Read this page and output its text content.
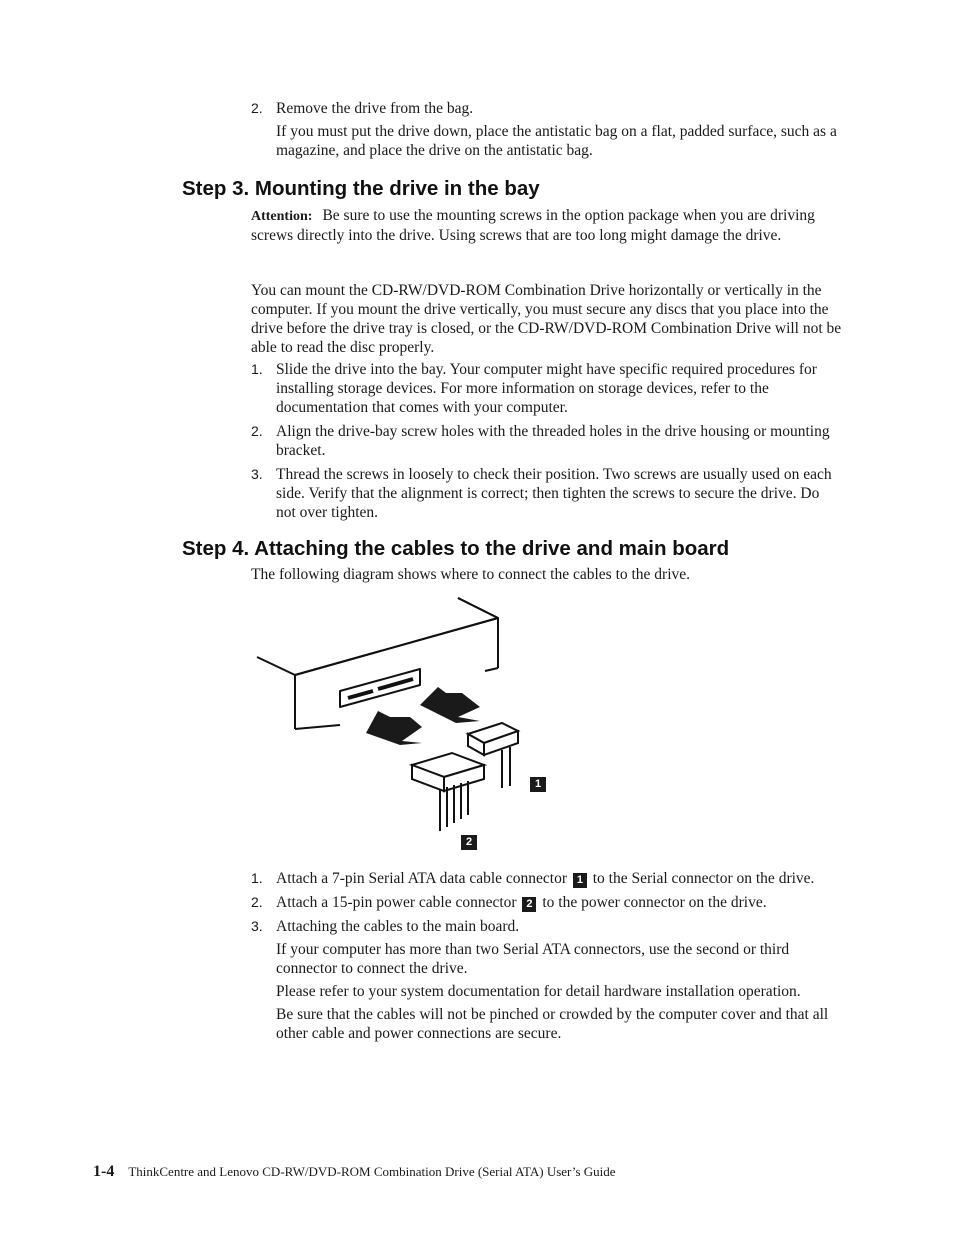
2. Remove the drive from the bag.

If you must put the drive down, place the antistatic bag on a flat, padded surface, such as a magazine, and place the drive on the antistatic bag.

Step 3. Mounting the drive in the bay
Attention: Be sure to use the mounting screws in the option package when you are driving screws directly into the drive. Using screws that are too long might damage the drive.
You can mount the CD-RW/DVD-ROM Combination Drive horizontally or vertically in the computer. If you mount the drive vertically, you must secure any discs that you place into the drive before the drive tray is closed, or the CD-RW/DVD-ROM Combination Drive will not be able to read the disc properly.
1. Slide the drive into the bay. Your computer might have specific required procedures for installing storage devices. For more information on storage devices, refer to the documentation that comes with your computer.

2. Align the drive-bay screw holes with the threaded holes in the drive housing or mounting bracket.

3. Thread the screws in loosely to check their position. Two screws are usually used on each side. Verify that the alignment is correct; then tighten the screws to secure the drive. Do not over tighten.

Step 4. Attaching the cables to the drive and main board
The following diagram shows where to connect the cables to the drive.
1
2
1. Attach a 7-pin Serial ATA data cable connector 1 to the Serial connector on the drive.

2. Attach a 15-pin power cable connector 2 to the power connector on the drive.

3. Attaching the cables to the main board.

If your computer has more than two Serial ATA connectors, use the second or third connector to connect the drive.

Please refer to your system documentation for detail hardware installation operation.

Be sure that the cables will not be pinched or crowded by the computer cover and that all other cable and power connections are secure.

1-4 ThinkCentre and Lenovo CD-RW/DVD-ROM Combination Drive (Serial ATA) User’s Guide
